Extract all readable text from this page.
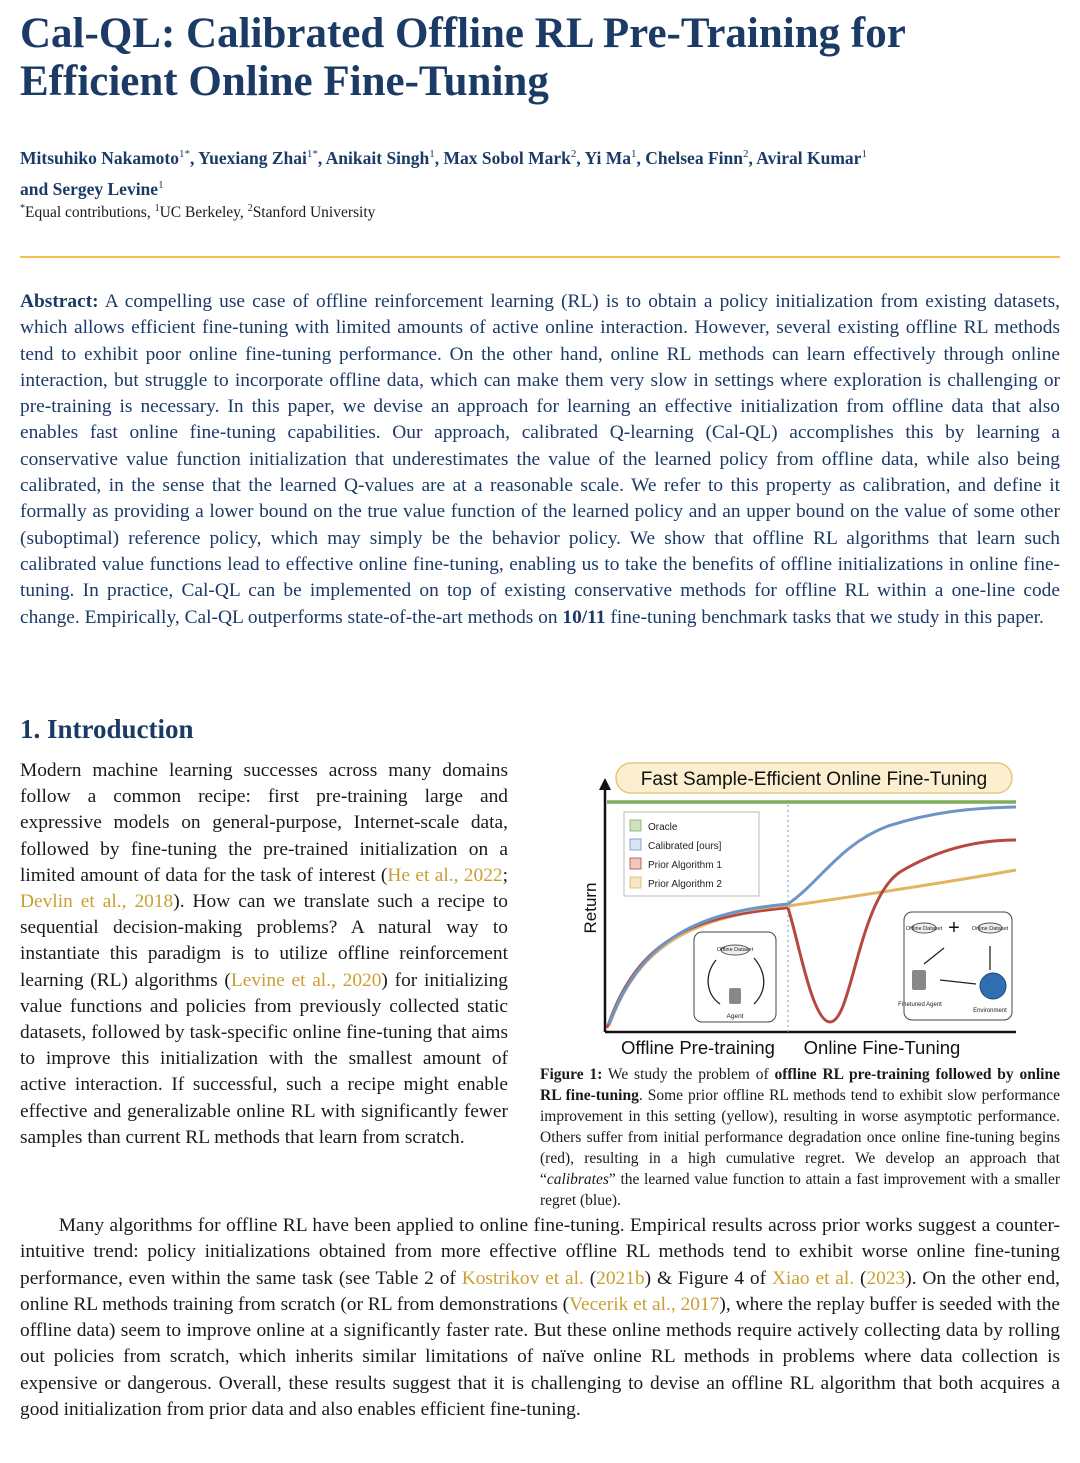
Cal-QL: Calibrated Offline RL Pre-Training for Efficient Online Fine-Tuning
Mitsuhiko Nakamoto$^{1*}$, Yuexiang Zhai$^{1*}$, Anikait Singh$^1$, Max Sobol Mark$^2$, Yi Ma$^1$, Chelsea Finn$^2$, Aviral Kumar$^1$
and Sergey Levine$^1$
*Equal contributions, $^1$UC Berkeley, $^2$Stanford University

Abstract: A compelling use case of offline reinforcement learning (RL) is to obtain a policy initialization from existing datasets, which allows efficient fine-tuning with limited amounts of active online interaction. However, several existing offline RL methods tend to exhibit poor online fine-tuning performance. On the other hand, online RL methods can learn effectively through online interaction, but struggle to incorporate offline data, which can make them very slow in settings where exploration is challenging or pre-training is necessary. In this paper, we devise an approach for learning an effective initialization from offline data that also enables fast online fine-tuning capabilities. Our approach, calibrated Q-learning (Cal-QL) accomplishes this by learning a conservative value function initialization that underestimates the value of the learned policy from offline data, while also being calibrated, in the sense that the learned Q-values are at a reasonable scale. We refer to this property as calibration, and define it formally as providing a lower bound on the true value function of the learned policy and an upper bound on the value of some other (suboptimal) reference policy, which may simply be the behavior policy. We show that offline RL algorithms that learn such calibrated value functions lead to effective online fine-tuning, enabling us to take the benefits of offline initializations in online fine-tuning. In practice, Cal-QL can be implemented on top of existing conservative methods for offline RL within a one-line code change. Empirically, Cal-QL outperforms state-of-the-art methods on 10/11 fine-tuning benchmark tasks that we study in this paper.

1. Introduction

Modern machine learning successes across many domains follow a common recipe: first pre-training large and expressive models on general-purpose, Internet-scale data, followed by fine-tuning the pre-trained initialization on a limited amount of data for the task of interest (He et al., 2022; Devlin et al., 2018). How can we translate such a recipe to sequential decision-making problems? A natural way to instantiate this paradigm is to utilize offline reinforcement learning (RL) algorithms (Levine et al., 2020) for initializing value functions and policies from previously collected static datasets, followed by task-specific online fine-tuning that aims to improve this initialization with the smallest amount of active interaction. If successful, such a recipe might enable effective and generalizable online RL with significantly fewer samples than current RL methods that learn from scratch.

Fast Sample-Efficient Online Fine-Tuning
Return
Oracle
Calibrated [ours]
Prior Algorithm 1
Prior Algorithm 2
Offline Dataset
Agent
Offline Dataset + Online Dataset
Finetuned Agent
Environment
Offline Pre-training Online Fine-Tuning

Figure 1: We study the problem of offline RL pre-training followed by online RL fine-tuning. Some prior offline RL methods tend to exhibit slow performance improvement in this setting (yellow), resulting in worse asymptotic performance. Others suffer from initial performance degradation once online fine-tuning begins (red), resulting in a high cumulative regret. We develop an approach that “calibrates” the learned value function to attain a fast improvement with a smaller regret (blue).

  Many algorithms for offline RL have been applied to online fine-tuning. Empirical results across prior works suggest a counter-intuitive trend: policy initializations obtained from more effective offline RL methods tend to exhibit worse online fine-tuning performance, even within the same task (see Table 2 of Kostrikov et al. (2021b) & Figure 4 of Xiao et al. (2023). On the other end, online RL methods training from scratch (or RL from demonstrations (Vecerik et al., 2017), where the replay buffer is seeded with the offline data) seem to improve online at a significantly faster rate. But these online methods require actively collecting data by rolling out policies from scratch, which inherits similar limitations of naïve online RL methods in problems where data collection is expensive or dangerous. Overall, these results suggest that it is challenging to devise an offline RL algorithm that both acquires a good initialization from prior data and also enables efficient fine-tuning.
